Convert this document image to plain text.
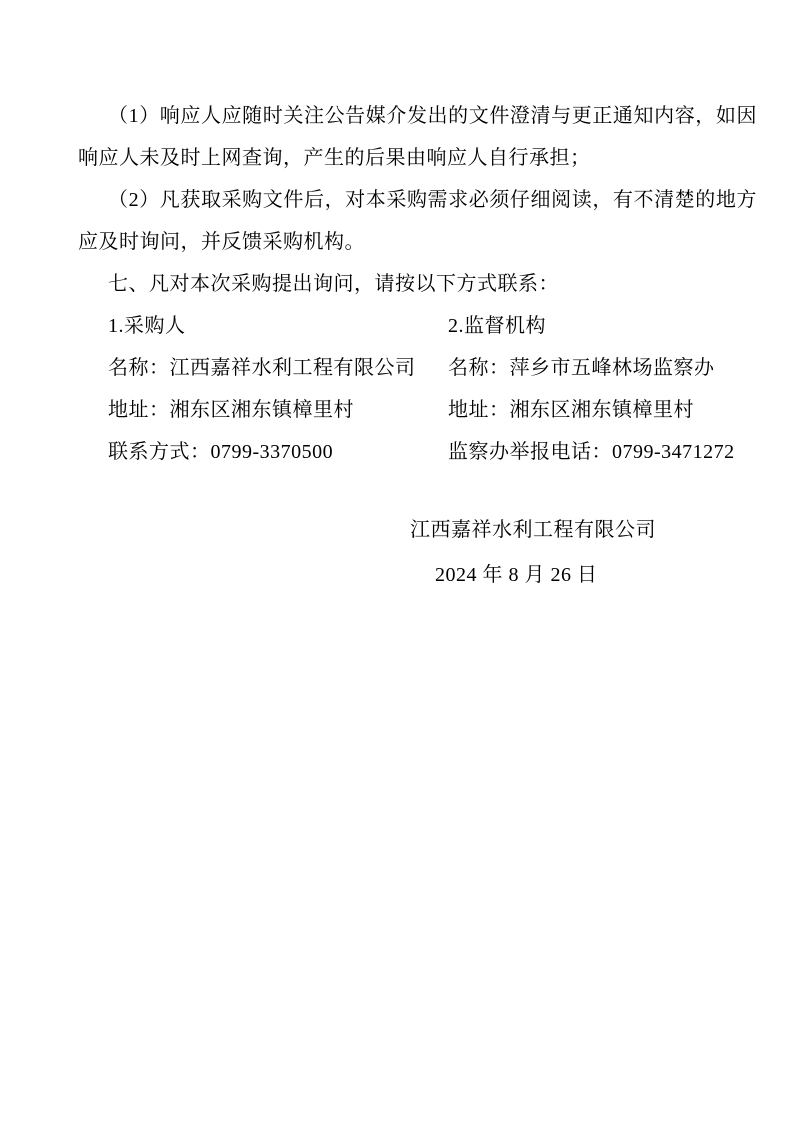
（1）响应人应随时关注公告媒介发出的文件澄清与更正通知内容，如因响应人未及时上网查询，产生的后果由响应人自行承担；

（2）凡获取采购文件后，对本采购需求必须仔细阅读，有不清楚的地方应及时询问，并反馈采购机构。

七、凡对本次采购提出询问，请按以下方式联系：

1.采购人
名称：江西嘉祥水利工程有限公司
地址：湘东区湘东镇樟里村
联系方式：0799-3370500
2.监督机构
名称：萍乡市五峰林场监察办
地址：湘东区湘东镇樟里村
监察办举报电话：0799-3471272
江西嘉祥水利工程有限公司
2024 年 8 月 26 日
